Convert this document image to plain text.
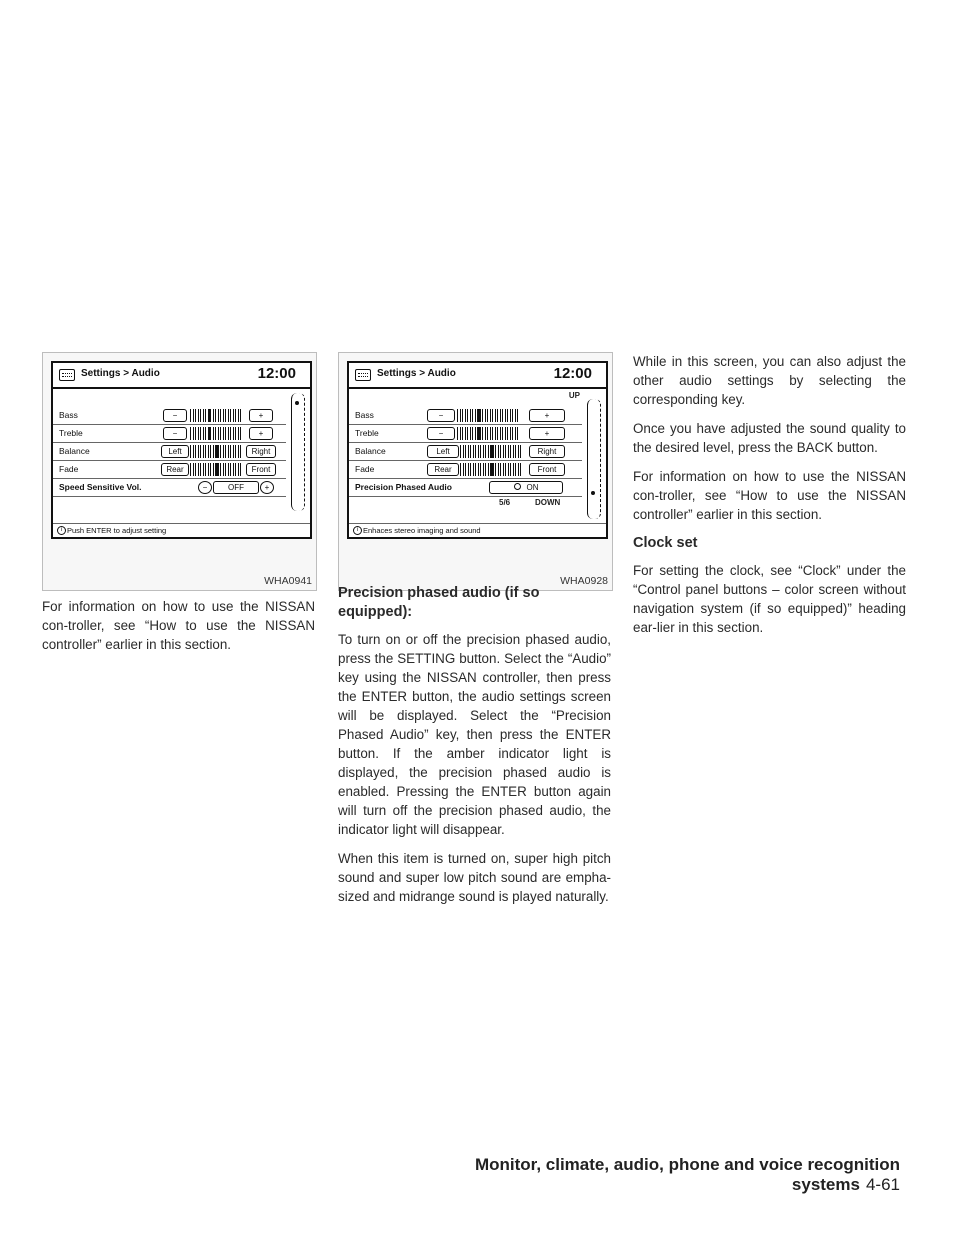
Settings > Audio	12:00
Bass	−	+
Treble	−	+
Balance	Left	Right
Fade	Rear	Front
Speed Sensitive Vol.	−	OFF	+
i Push ENTER to adjust setting
WHA0941
Settings > Audio	12:00
UP
Bass	−	+
Treble	−	+
Balance	Left	Right
Fade	Rear	Front
Precision Phased Audio	ON
5/6	DOWN
i Enhaces stereo imaging and sound
WHA0928

For information on how to use the NISSAN con-troller, see “How to use the NISSAN controller” earlier in this section.

Precision phased audio (if so equipped):

To turn on or off the precision phased audio, press the SETTING button. Select the “Audio” key using the NISSAN controller, then press the ENTER button, the audio settings screen will be displayed. Select the “Precision Phased Audio” key, then press the ENTER button. If the amber indicator light is displayed, the precision phased audio is enabled. Pressing the ENTER button again will turn off the precision phased audio, the indicator light will disappear.

When this item is turned on, super high pitch sound and super low pitch sound are empha-sized and midrange sound is played naturally.

While in this screen, you can also adjust the other audio settings by selecting the corresponding key.

Once you have adjusted the sound quality to the desired level, press the BACK button.

For information on how to use the NISSAN con-troller, see “How to use the NISSAN controller” earlier in this section.

Clock set

For setting the clock, see “Clock” under the “Control panel buttons – color screen without navigation system (if so equipped)” heading ear-lier in this section.

Monitor, climate, audio, phone and voice recognition systems 4-61
